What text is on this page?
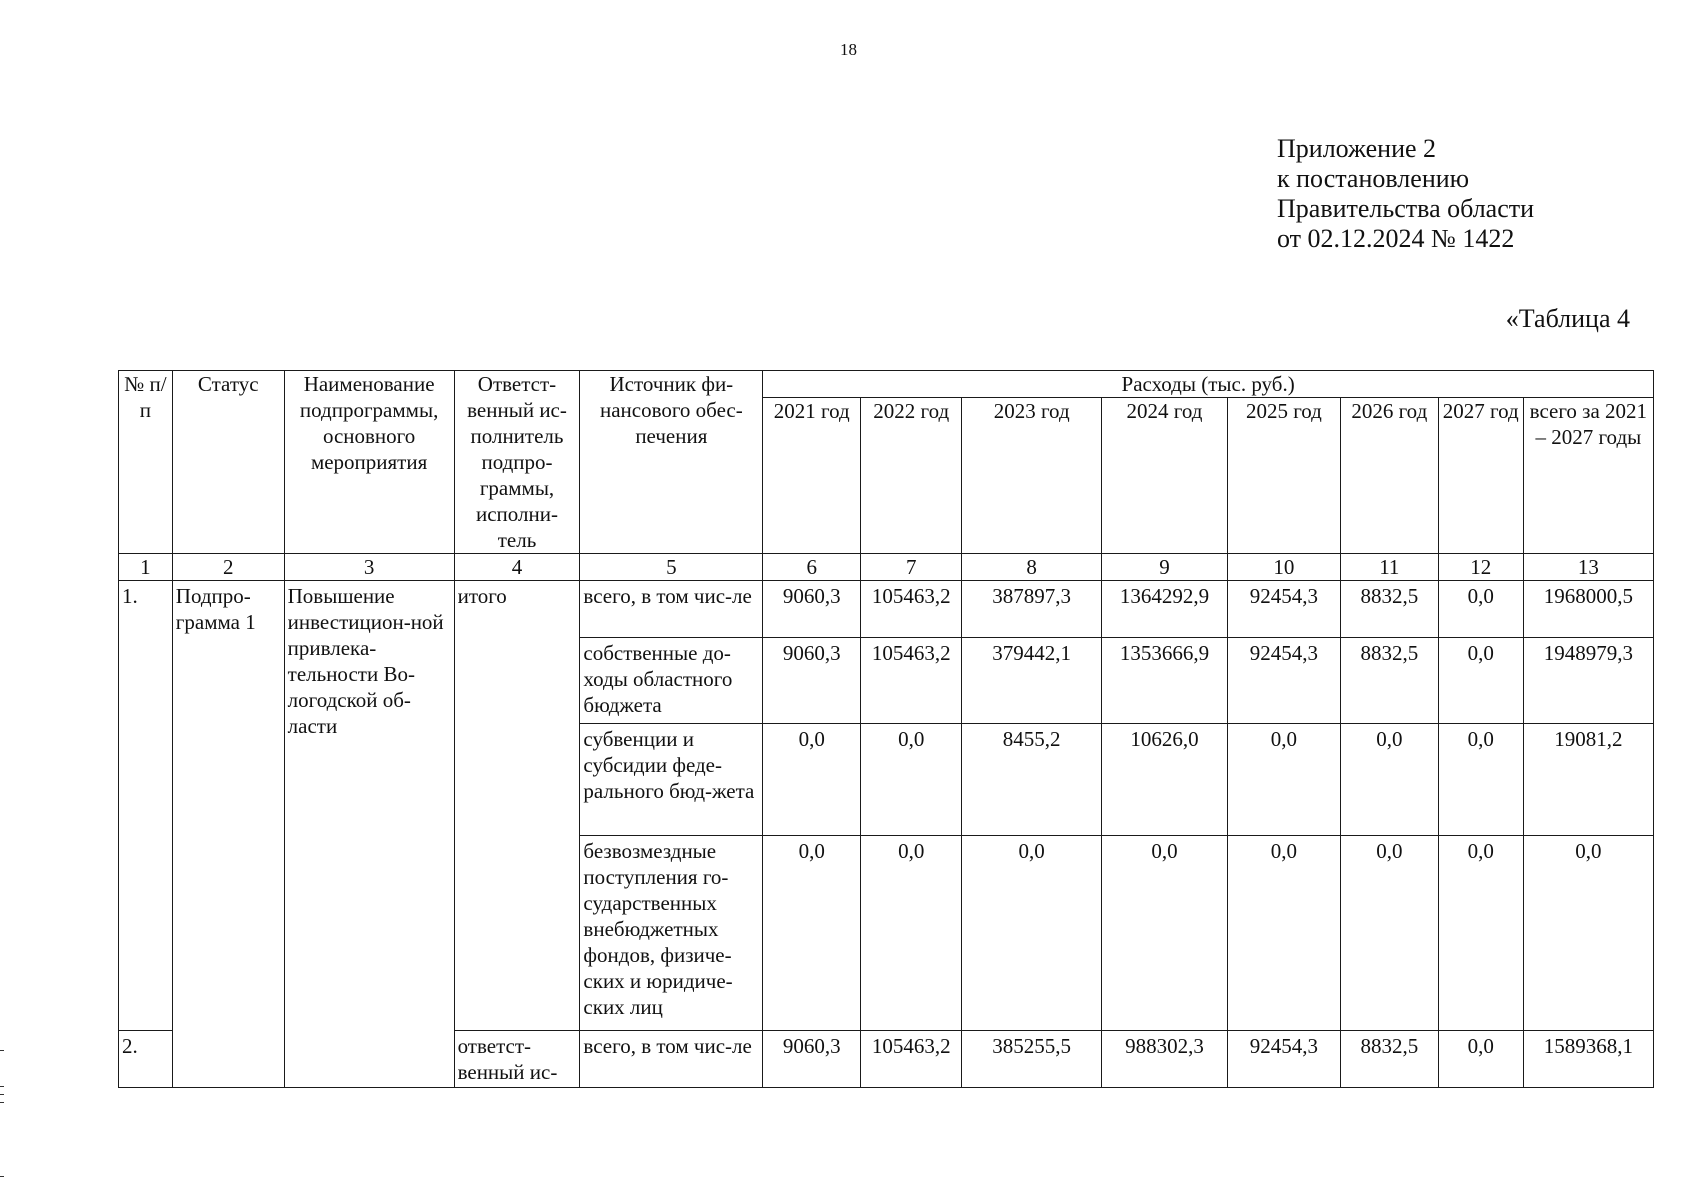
18
Приложение 2
к постановлению
Правительства области
от 02.12.2024 № 1422
«Таблица 4
№ п/п	Статус	Наименование подпрограммы, основного мероприятия	Ответст-венный ис-полнитель подпро-граммы, исполни-тель	Источник фи-нансового обес-печения	Расходы (тыс. руб.)							
					2021 год	2022 год	2023 год	2024 год	2025 год	2026 год	2027 год	всего за 2021 – 2027 годы
1	2	3	4	5	6	7	8	9	10	11	12	13
1.	Подпро-грамма 1	Повышение инвестицион-ной привлека-тельности Во-логодской об-ласти	итого	всего, в том чис-ле	9060,3	105463,2	387897,3	1364292,9	92454,3	8832,5	0,0	1968000,5
				собственные до-ходы областного бюджета	9060,3	105463,2	379442,1	1353666,9	92454,3	8832,5	0,0	1948979,3
				субвенции и субсидии феде-рального бюд-жета	0,0	0,0	8455,2	10626,0	0,0	0,0	0,0	19081,2
				безвозмездные поступления го-сударственных внебюджетных фондов, физиче-ских и юридиче-ских лиц	0,0	0,0	0,0	0,0	0,0	0,0	0,0	0,0
2.			ответст-венный ис-	всего, в том чис-ле	9060,3	105463,2	385255,5	988302,3	92454,3	8832,5	0,0	1589368,1
